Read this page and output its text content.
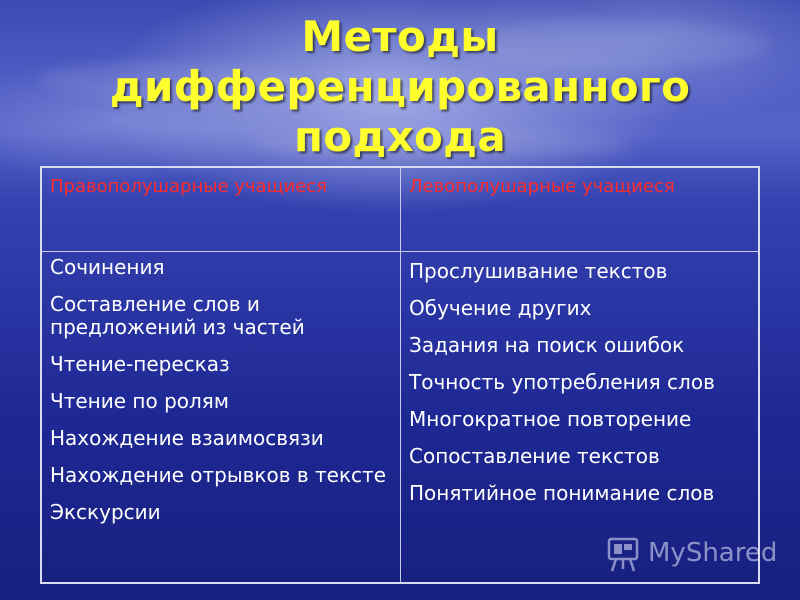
Методы дифференцированного подхода
Правополушарные учащиеся	Левополушарные учащиеся
Сочинения
Составление слов и предложений из частей
Чтение-пересказ
Чтение по ролям
Нахождение взаимосвязи
Нахождение отрывков в тексте
Экскурсии
Прослушивание текстов
Обучение других
Задания на поиск ошибок
Точность употребления слов
Многократное повторение
Сопоставление текстов
Понятийное понимание слов
MyShared
